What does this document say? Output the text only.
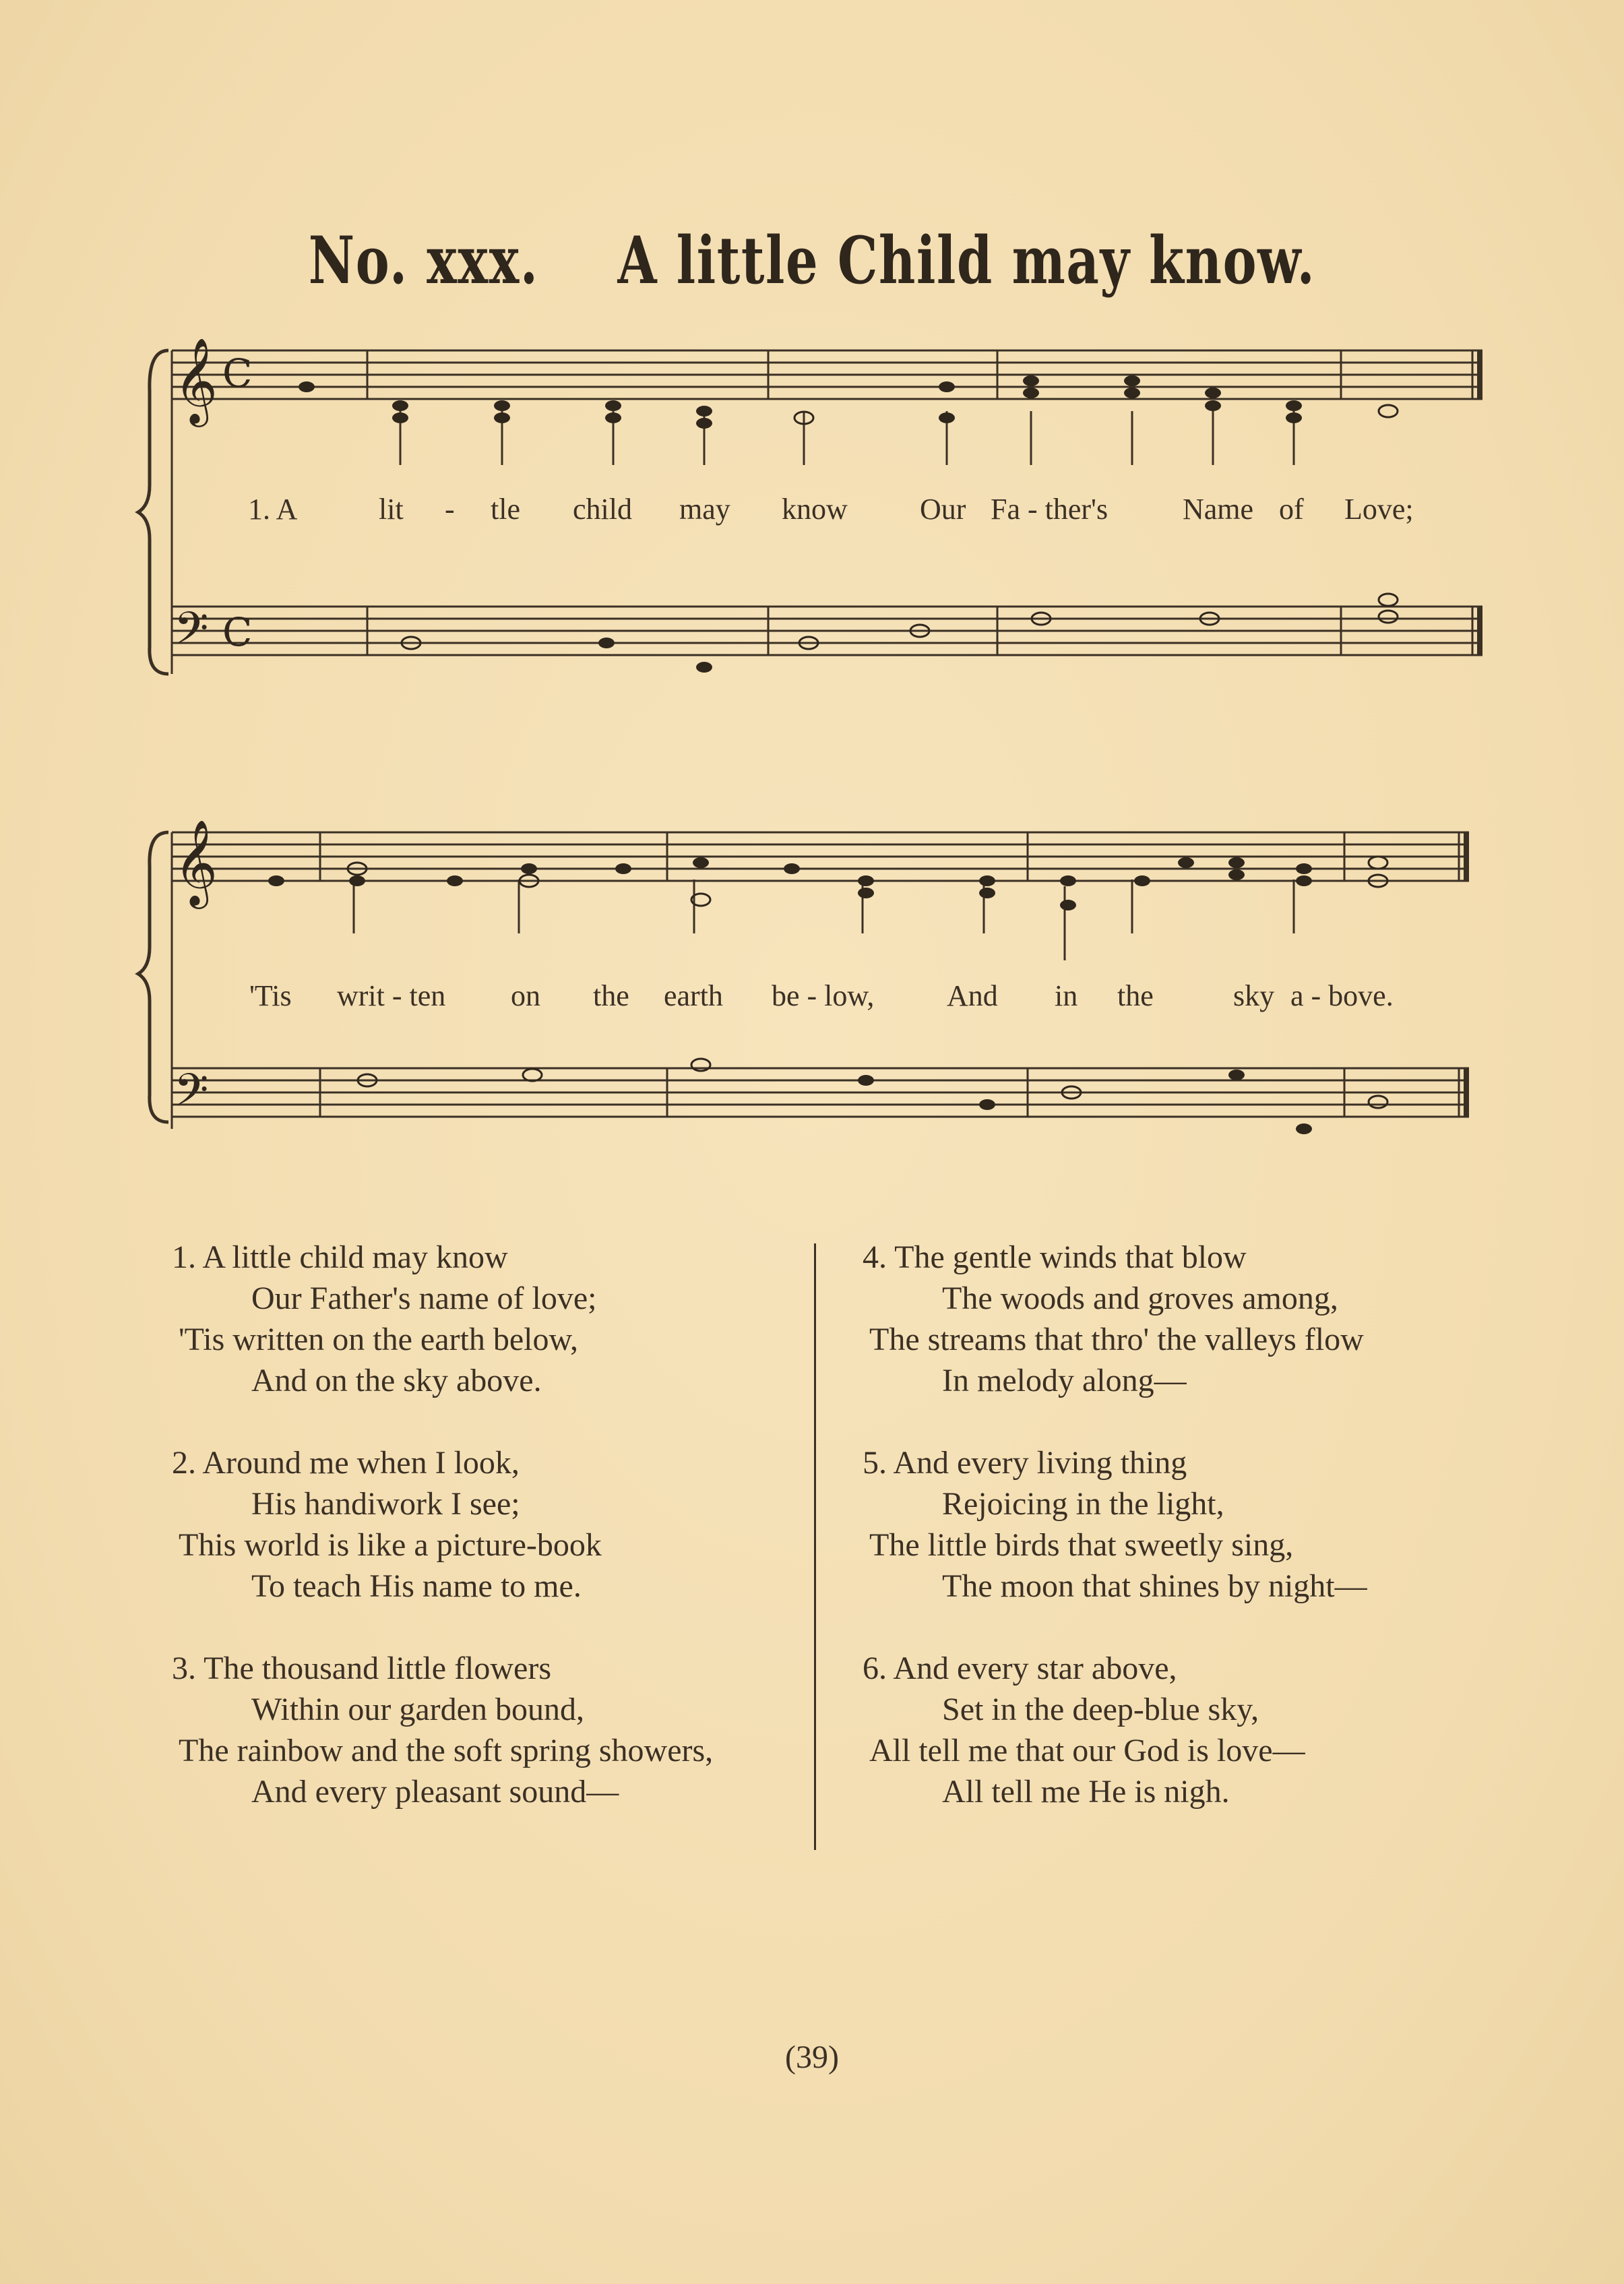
No. xxx. A little Child may know.
𝄞 C
𝄢 C
1. A	lit - tle child may know Our Fa - ther's	Name of Love;
𝄞
𝄢
'Tis writ - ten on the earth be - low, And in the	sky a - bove.
1. A little child may know
Our Father's name of love;
'Tis written on the earth below,
And on the sky above.
2. Around me when I look,
His handiwork I see;
This world is like a picture-book
To teach His name to me.
3. The thousand little flowers
Within our garden bound,
The rainbow and the soft spring showers,
And every pleasant sound—
4. The gentle winds that blow
The woods and groves among,
The streams that thro' the valleys flow
In melody along—
5. And every living thing
Rejoicing in the light,
The little birds that sweetly sing,
The moon that shines by night—
6. And every star above,
Set in the deep-blue sky,
All tell me that our God is love—
All tell me He is nigh.
(39)
